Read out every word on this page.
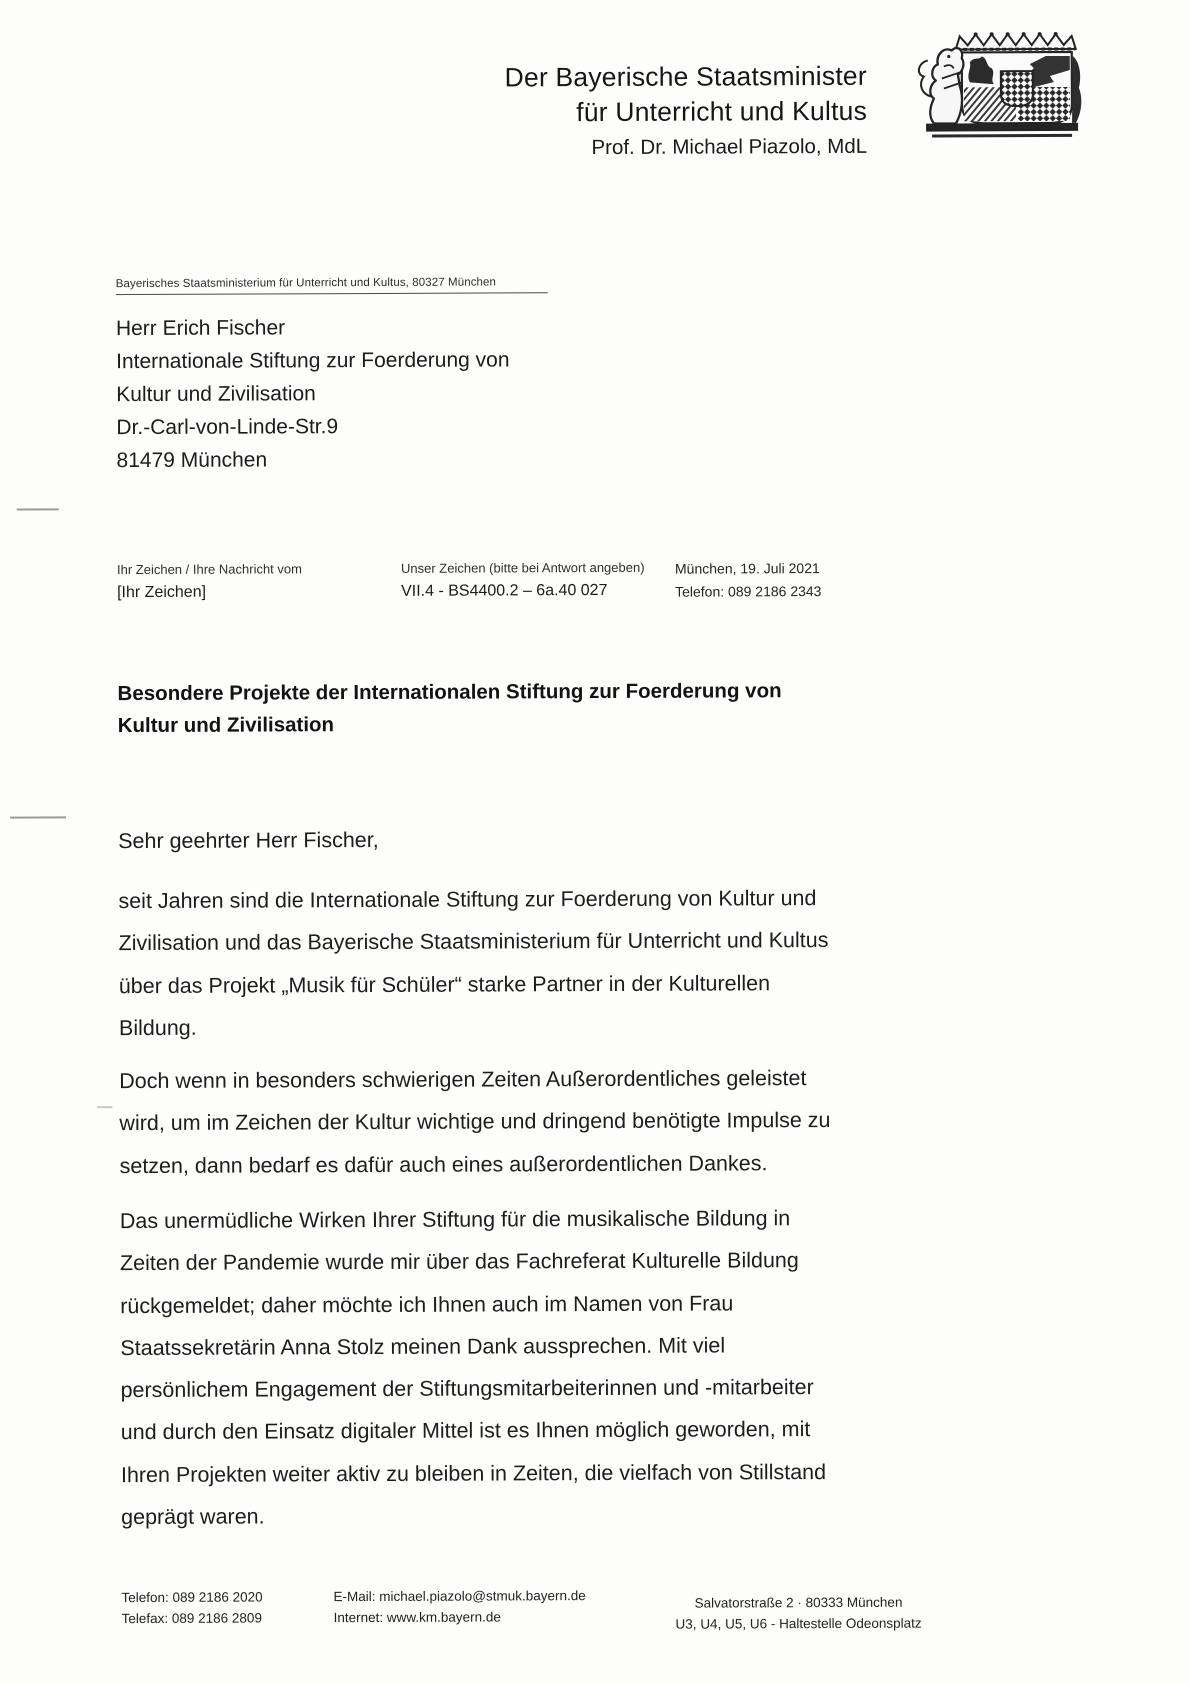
Der Bayerische Staatsminister
für Unterricht und Kultus
Prof. Dr. Michael Piazolo, MdL
Bayerisches Staatsministerium für Unterricht und Kultus, 80327 München
Herr Erich Fischer
Internationale Stiftung zur Foerderung von
Kultur und Zivilisation
Dr.-Carl-von-Linde-Str.9
81479 München
Ihr Zeichen / Ihre Nachricht vom
[Ihr Zeichen]
Unser Zeichen (bitte bei Antwort angeben)
VII.4 - BS4400.2 – 6a.40 027
München, 19. Juli 2021
Telefon: 089 2186 2343
Besondere Projekte der Internationalen Stiftung zur Foerderung von
Kultur und Zivilisation
Sehr geehrter Herr Fischer,
seit Jahren sind die Internationale Stiftung zur Foerderung von Kultur und
Zivilisation und das Bayerische Staatsministerium für Unterricht und Kultus
über das Projekt „Musik für Schüler“ starke Partner in der Kulturellen
Bildung.
Doch wenn in besonders schwierigen Zeiten Außerordentliches geleistet
wird, um im Zeichen der Kultur wichtige und dringend benötigte Impulse zu
setzen, dann bedarf es dafür auch eines außerordentlichen Dankes.
Das unermüdliche Wirken Ihrer Stiftung für die musikalische Bildung in
Zeiten der Pandemie wurde mir über das Fachreferat Kulturelle Bildung
rückgemeldet; daher möchte ich Ihnen auch im Namen von Frau
Staatssekretärin Anna Stolz meinen Dank aussprechen. Mit viel
persönlichem Engagement der Stiftungsmitarbeiterinnen und -mitarbeiter
und durch den Einsatz digitaler Mittel ist es Ihnen möglich geworden, mit
Ihren Projekten weiter aktiv zu bleiben in Zeiten, die vielfach von Stillstand
geprägt waren.
Telefon: 089 2186 2020
Telefax: 089 2186 2809
E-Mail: michael.piazolo@stmuk.bayern.de
Internet: www.km.bayern.de
Salvatorstraße 2 · 80333 München
U3, U4, U5, U6 - Haltestelle Odeonsplatz
